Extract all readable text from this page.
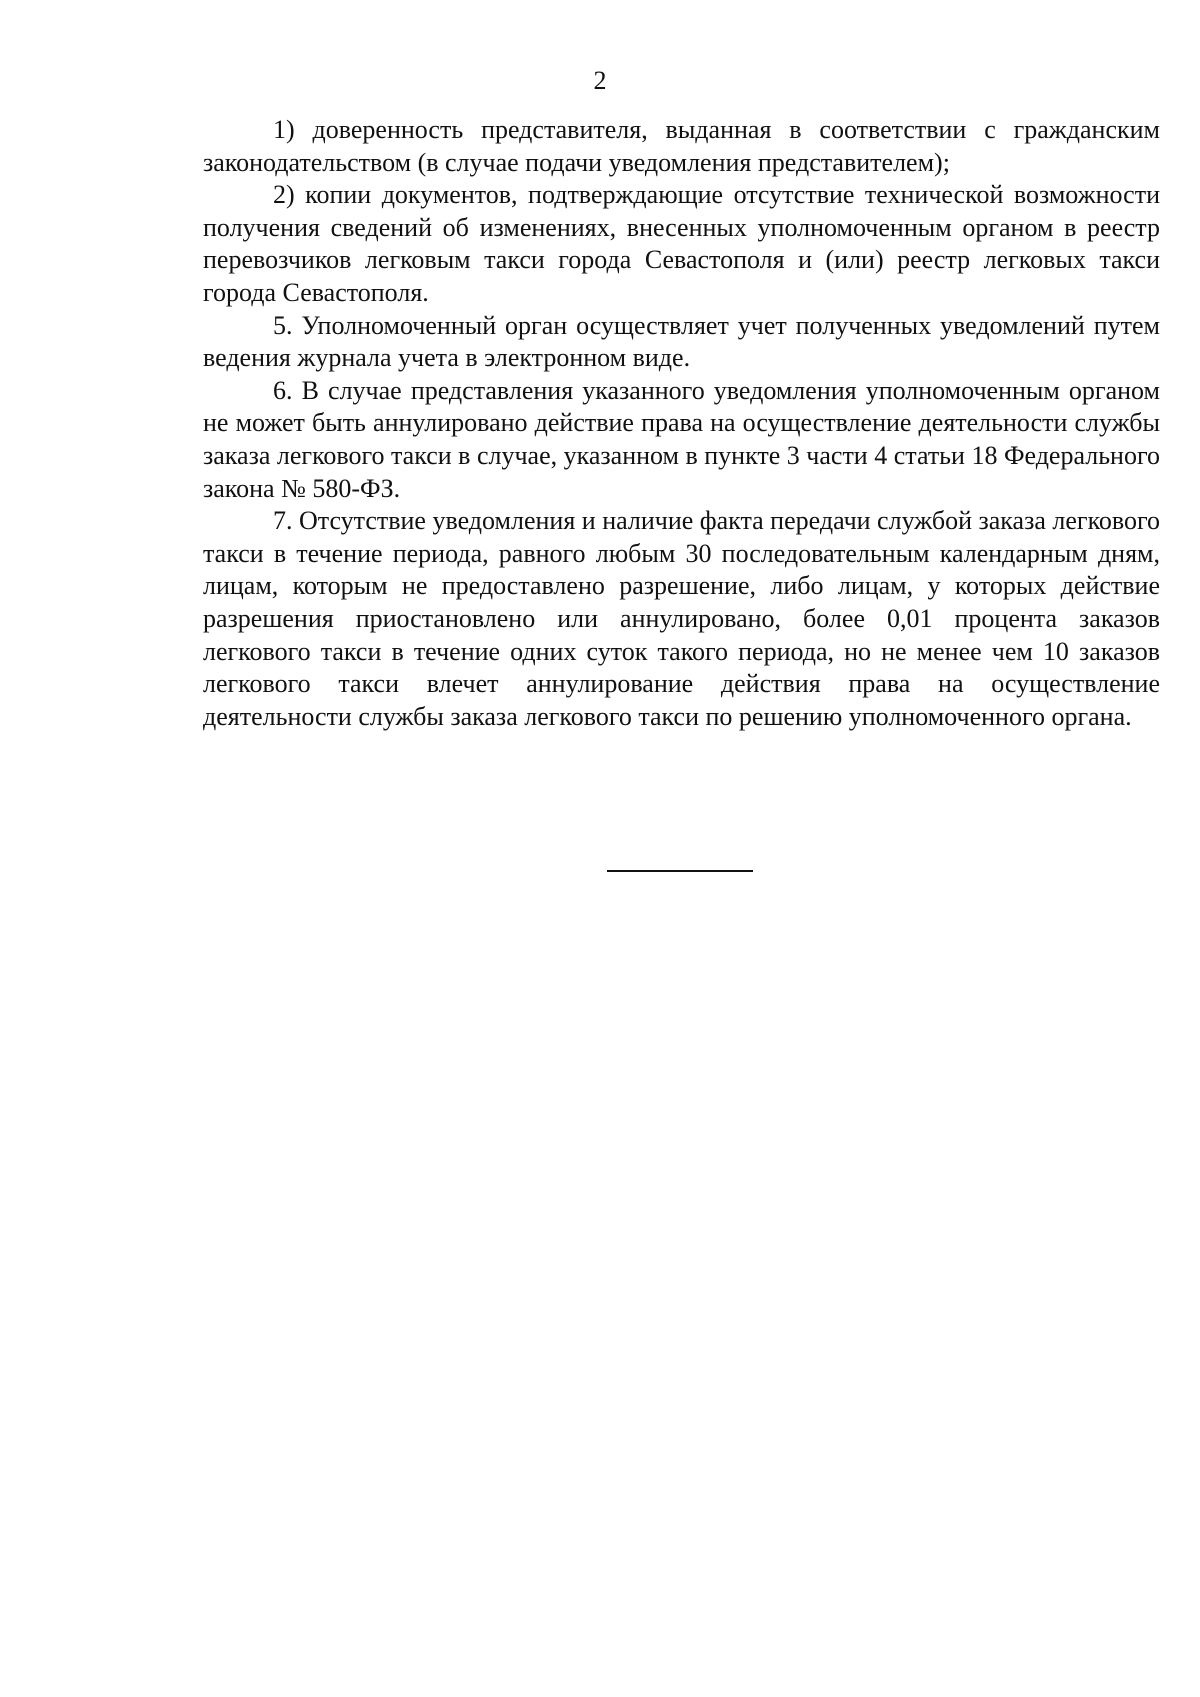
2

1) доверенность представителя, выданная в соответствии с гражданским законодательством (в случае подачи уведомления представителем);

2) копии документов, подтверждающие отсутствие технической возможности получения сведений об изменениях, внесенных уполномоченным органом в реестр перевозчиков легковым такси города Севастополя и (или) реестр легковых такси города Севастополя.

5. Уполномоченный орган осуществляет учет полученных уведомлений путем ведения журнала учета в электронном виде.

6. В случае представления указанного уведомления уполномоченным органом не может быть аннулировано действие права на осуществление деятельности службы заказа легкового такси в случае, указанном в пункте 3 части 4 статьи 18 Федерального закона № 580-ФЗ.

7. Отсутствие уведомления и наличие факта передачи службой заказа легкового такси в течение периода, равного любым 30 последовательным календарным дням, лицам, которым не предоставлено разрешение, либо лицам, у которых действие разрешения приостановлено или аннулировано, более 0,01 процента заказов легкового такси в течение одних суток такого периода, но не менее чем 10 заказов легкового такси влечет аннулирование действия права на осуществление деятельности службы заказа легкового такси по решению уполномоченного органа.
